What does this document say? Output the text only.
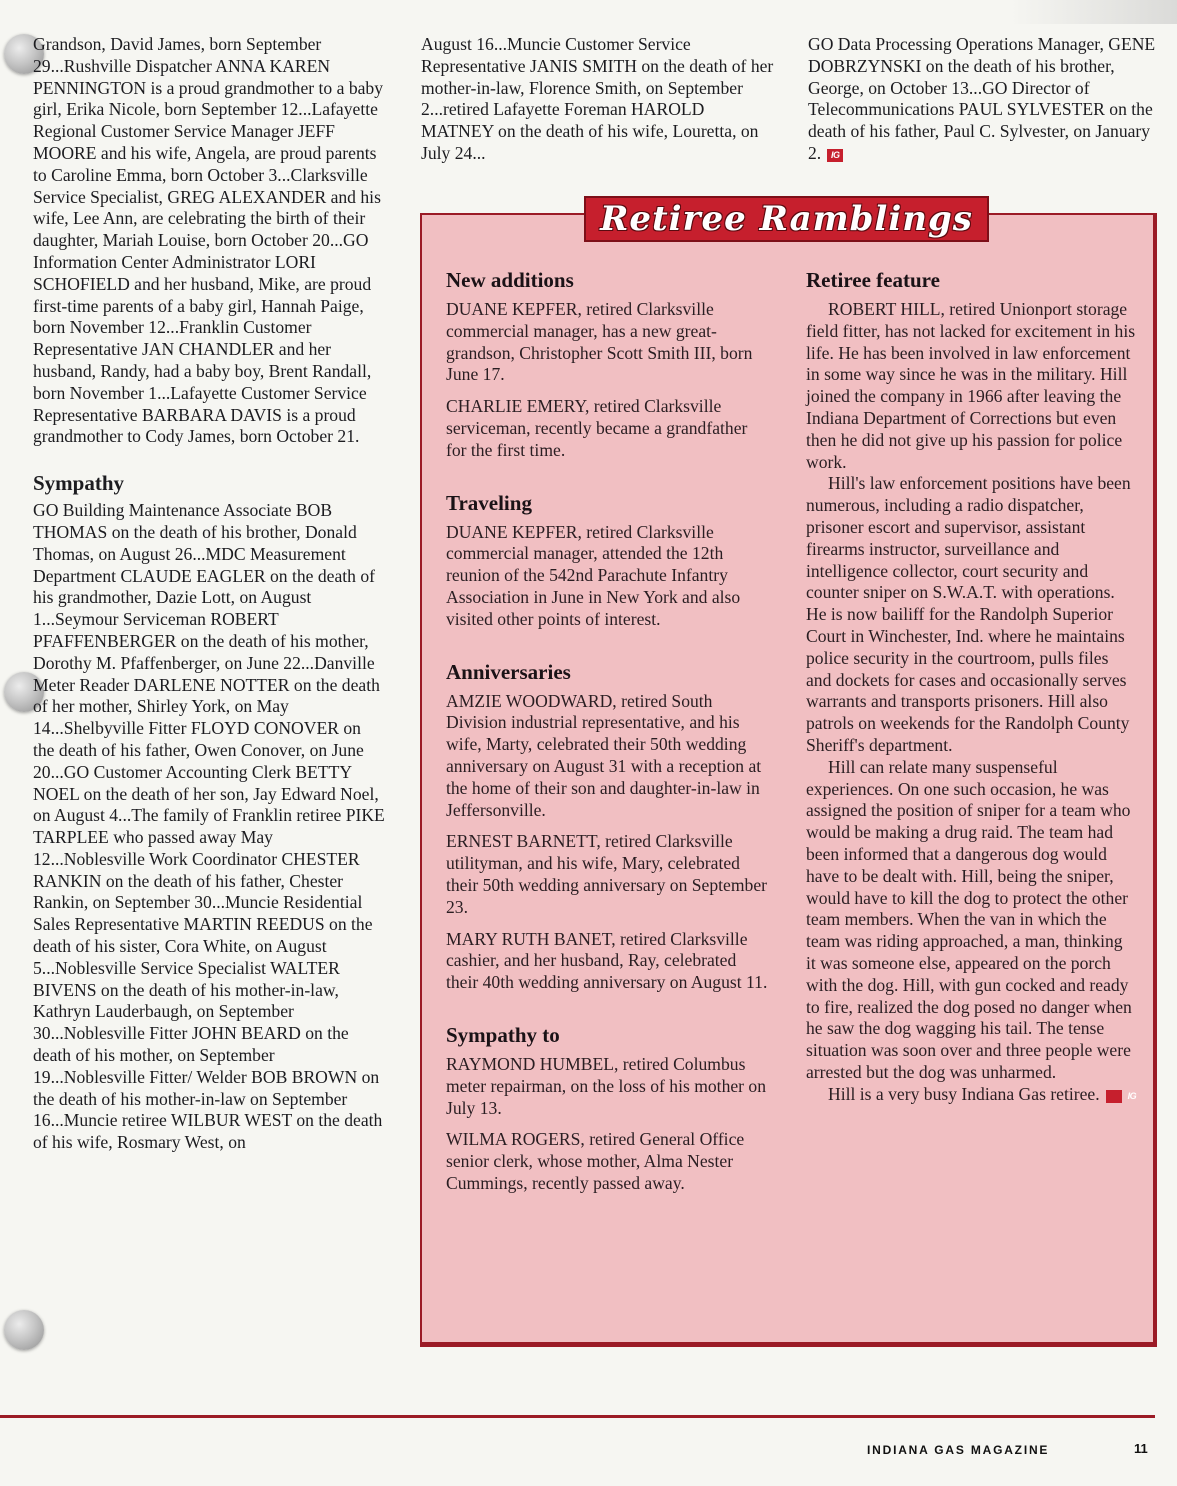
Grandson, David James, born September 29...Rushville Dispatcher ANNA KAREN PENNINGTON is a proud grandmother to a baby girl, Erika Nicole, born September 12...Lafayette Regional Customer Service Manager JEFF MOORE and his wife, Angela, are proud parents to Caroline Emma, born October 3...Clarksville Service Specialist, GREG ALEXANDER and his wife, Lee Ann, are celebrating the birth of their daughter, Mariah Louise, born October 20...GO Information Center Administrator LORI SCHOFIELD and her husband, Mike, are proud first-time parents of a baby girl, Hannah Paige, born November 12...Franklin Customer Representative JAN CHANDLER and her husband, Randy, had a baby boy, Brent Randall, born November 1...Lafayette Customer Service Representative BARBARA DAVIS is a proud grandmother to Cody James, born October 21.

Sympathy

GO Building Maintenance Associate BOB THOMAS on the death of his brother, Donald Thomas, on August 26...MDC Measurement Department CLAUDE EAGLER on the death of his grandmother, Dazie Lott, on August 1...Seymour Serviceman ROBERT PFAFFENBERGER on the death of his mother, Dorothy M. Pfaffenberger, on June 22...Danville Meter Reader DARLENE NOTTER on the death of her mother, Shirley York, on May 14...Shelbyville Fitter FLOYD CONOVER on the death of his father, Owen Conover, on June 20...GO Customer Accounting Clerk BETTY NOEL on the death of her son, Jay Edward Noel, on August 4...The family of Franklin retiree PIKE TARPLEE who passed away May 12...Noblesville Work Coordinator CHESTER RANKIN on the death of his father, Chester Rankin, on September 30...Muncie Residential Sales Representative MARTIN REEDUS on the death of his sister, Cora White, on August 5...Noblesville Service Specialist WALTER BIVENS on the death of his mother-in-law, Kathryn Lauderbaugh, on September 30...Noblesville Fitter JOHN BEARD on the death of his mother, on September 19...Noblesville Fitter/ Welder BOB BROWN on the death of his mother-in-law on September 16...Muncie retiree WILBUR WEST on the death of his wife, Rosmary West, on

August 16...Muncie Customer Service Representative JANIS SMITH on the death of her mother-in-law, Florence Smith, on September 2...retired Lafayette Foreman HAROLD MATNEY on the death of his wife, Louretta, on July 24...

GO Data Processing Operations Manager, GENE DOBRZYNSKI on the death of his brother, George, on October 13...GO Director of Telecommunications PAUL SYLVESTER on the death of his father, Paul C. Sylvester, on January 2. IG

Retiree Ramblings
New additions

DUANE KEPFER, retired Clarksville commercial manager, has a new great-grandson, Christopher Scott Smith III, born June 17.

CHARLIE EMERY, retired Clarksville serviceman, recently became a grandfather for the first time.

Traveling

DUANE KEPFER, retired Clarksville commercial manager, attended the 12th reunion of the 542nd Parachute Infantry Association in June in New York and also visited other points of interest.

Anniversaries

AMZIE WOODWARD, retired South Division industrial representative, and his wife, Marty, celebrated their 50th wedding anniversary on August 31 with a reception at the home of their son and daughter-in-law in Jeffersonville.

ERNEST BARNETT, retired Clarksville utilityman, and his wife, Mary, celebrated their 50th wedding anniversary on September 23.

MARY RUTH BANET, retired Clarksville cashier, and her husband, Ray, celebrated their 40th wedding anniversary on August 11.

Sympathy to

RAYMOND HUMBEL, retired Columbus meter repairman, on the loss of his mother on July 13.

WILMA ROGERS, retired General Office senior clerk, whose mother, Alma Nester Cummings, recently passed away.

Retiree feature

ROBERT HILL, retired Unionport storage field fitter, has not lacked for excitement in his life. He has been involved in law enforcement in some way since he was in the military. Hill joined the company in 1966 after leaving the Indiana Department of Corrections but even then he did not give up his passion for police work.

Hill's law enforcement positions have been numerous, including a radio dispatcher, prisoner escort and supervisor, assistant firearms instructor, surveillance and intelligence collector, court security and counter sniper on S.W.A.T. with operations. He is now bailiff for the Randolph Superior Court in Winchester, Ind. where he maintains police security in the courtroom, pulls files and dockets for cases and occasionally serves warrants and transports prisoners. Hill also patrols on weekends for the Randolph County Sheriff's department.

Hill can relate many suspenseful experiences. On one such occasion, he was assigned the position of sniper for a team who would be making a drug raid. The team had been informed that a dangerous dog would have to be dealt with. Hill, being the sniper, would have to kill the dog to protect the other team members. When the van in which the team was riding approached, a man, thinking it was someone else, appeared on the porch with the dog. Hill, with gun cocked and ready to fire, realized the dog posed no danger when he saw the dog wagging his tail. The tense situation was soon over and three people were arrested but the dog was unharmed.

Hill is a very busy Indiana Gas retiree.	IG

INDIANA GAS MAGAZINE	11
